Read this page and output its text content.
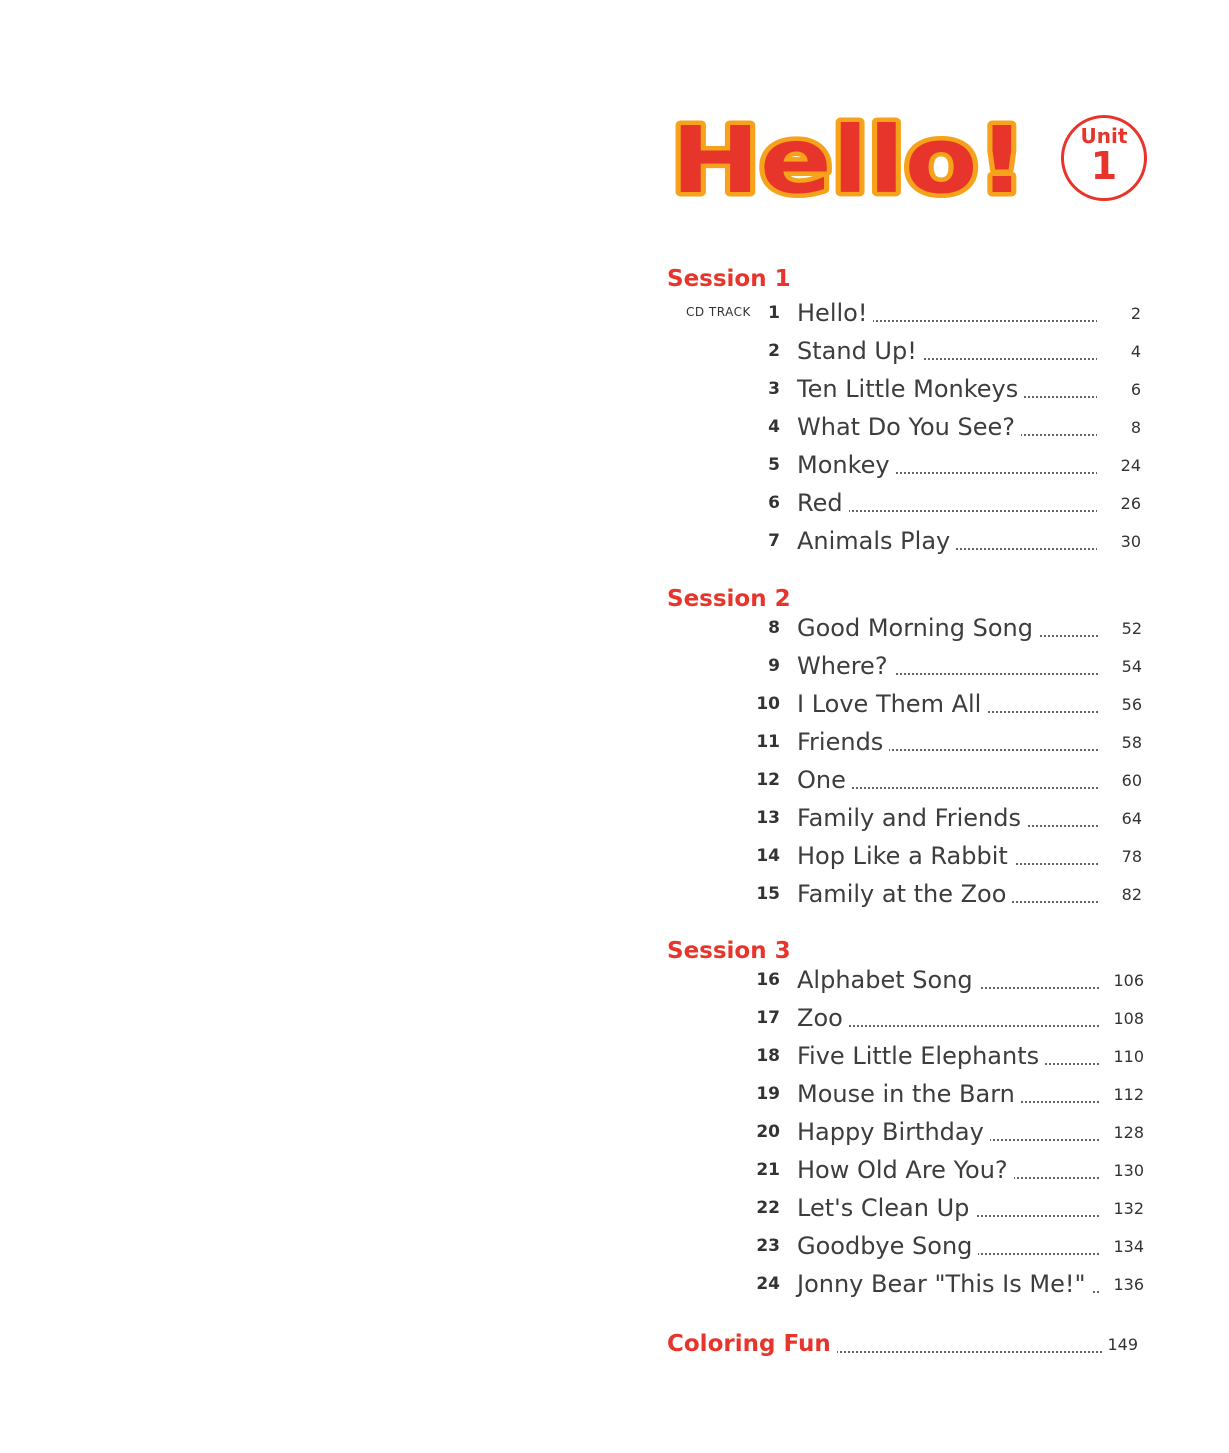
Hello!	Unit
1
Session 1
CD TRACK	1 Hello!	2
2 Stand Up!	4
3 Ten Little Monkeys	6
4 What Do You See?	8
5 Monkey	24
6 Red	26
7 Animals Play	30
Session 2
8 Good Morning Song	52
9 Where?	54
10 I Love Them All	56
11 Friends	58
12 One	60
13 Family and Friends	64
14 Hop Like a Rabbit	78
15 Family at the Zoo	82
Session 3
16 Alphabet Song	106
17 Zoo	108
18 Five Little Elephants	110
19 Mouse in the Barn	112
20 Happy Birthday	128
21 How Old Are You?	130
22 Let's Clean Up	132
23 Goodbye Song	134
24 Jonny Bear "This Is Me!"	136
Coloring Fun	149
